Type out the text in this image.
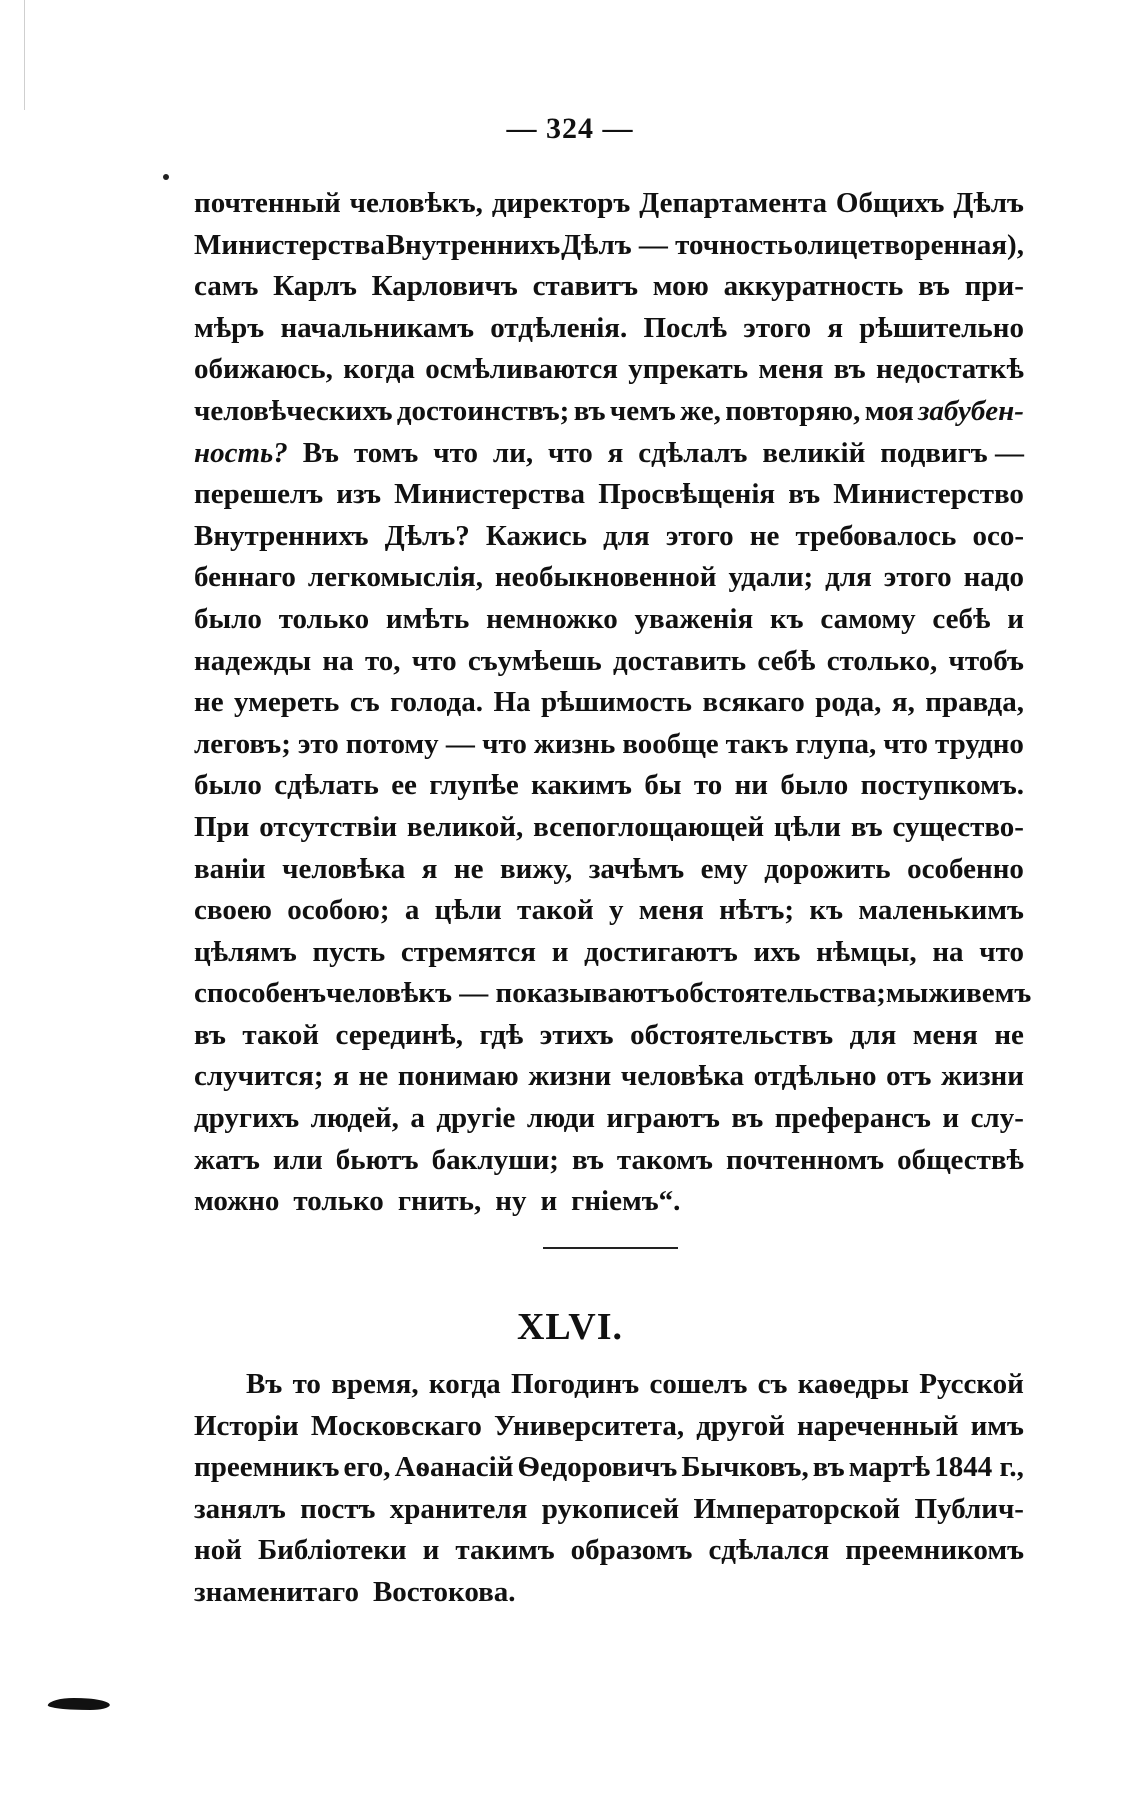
— 324 —
почтенный человѣкъ, директоръ Департамента Общихъ Дѣлъ
Министерства Внутреннихъ Дѣлъ — точность олицетворенная),
самъ Карлъ Карловичъ ставитъ мою аккуратность въ при-
мѣръ начальникамъ отдѣленія. Послѣ этого я рѣшительно
обижаюсь, когда осмѣливаются упрекать меня въ недостаткѣ
человѣческихъ достоинствъ; въ чемъ же, повторяю, моя забубен-
ность? Въ томъ что ли, что я сдѣлалъ великій подвигъ —
перешелъ изъ Министерства Просвѣщенія въ Министерство
Внутреннихъ Дѣлъ? Кажись для этого не требовалось осо-
беннаго легкомыслія, необыкновенной удали; для этого надо
было только имѣть немножко уваженія къ самому себѣ и
надежды на то, что съумѣешь доставить себѣ столько, чтобъ
не умереть съ голода. На рѣшимость всякаго рода, я, правда,
леговъ; это потому — что жизнь вообще такъ глупа, что трудно
было сдѣлать ее глупѣе какимъ бы то ни было поступкомъ.
При отсутствіи великой, всепоглощающей цѣли въ существо-
ваніи человѣка я не вижу, зачѣмъ ему дорожить особенно
своею особою; а цѣли такой у меня нѣтъ; къ маленькимъ
цѣлямъ пусть стремятся и достигаютъ ихъ нѣмцы, на что
способенъ человѣкъ — показываютъ обстоятельства; мы живемъ
въ такой серединѣ, гдѣ этихъ обстоятельствъ для меня не
случится; я не понимаю жизни человѣка отдѣльно отъ жизни
другихъ людей, а другіе люди играютъ въ преферансъ и слу-
жатъ или бьютъ баклуши; въ такомъ почтенномъ обществѣ
можно только гнить, ну и гніемъ“.
XLVI.
Въ то время, когда Погодинъ сошелъ съ каѳедры Русской
Исторіи Московскаго Университета, другой нареченный имъ
преемникъ его, Аѳанасій Ѳедоровичъ Бычковъ, въ мартѣ 1844 г.,
занялъ постъ хранителя рукописей Императорской Публич-
ной Библіотеки и такимъ образомъ сдѣлался преемникомъ
знаменитаго Востокова.
